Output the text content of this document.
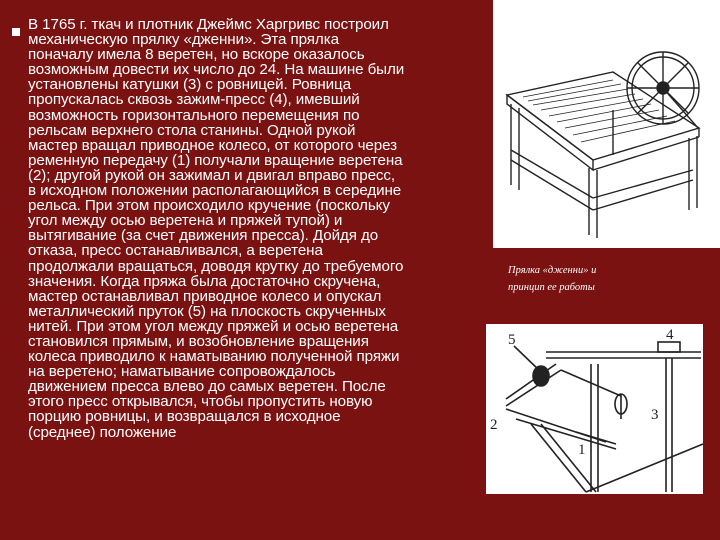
В 1765 г. ткач и плотник Джеймс Харгривс построил
механическую прялку «дженни». Эта прялка
поначалу имела 8 веретен, но вскоре оказалось
возможным довести их число до 24. На машине были
установлены катушки (3) с ровницей. Ровница
пропускалась сквозь зажим-пресс (4), имевший
возможность горизонтального перемещения по
рельсам верхнего стола станины. Одной рукой
мастер вращал приводное колесо, от которого через
ременную передачу (1) получали вращение веретена
(2); другой рукой он зажимал и двигал вправо пресс,
в исходном положении располагающийся в середине
рельса. При этом происходило кручение (поскольку
угол между осью веретена и пряжей тупой) и
вытягивание (за счет движения пресса). Дойдя до
отказа, пресс останавливался, а веретена
продолжали вращаться, доводя крутку до требуемого
значения. Когда пряжа была достаточно скручена,
мастер останавливал приводное колесо и опускал
металлический пруток (5) на плоскость скрученных
нитей. При этом угол между пряжей и осью веретена
становился прямым, и возобновление вращения
колеса приводило к наматыванию полученной пряжи
на веретено; наматывание сопровождалось
движением пресса влево до самых веретен. После
этого пресс открывался, чтобы пропустить новую
порцию ровницы, и возвращался в исходное
(среднее) положение
Прялка «дженни» и
принцип ее работы
5	4
3
2
1
